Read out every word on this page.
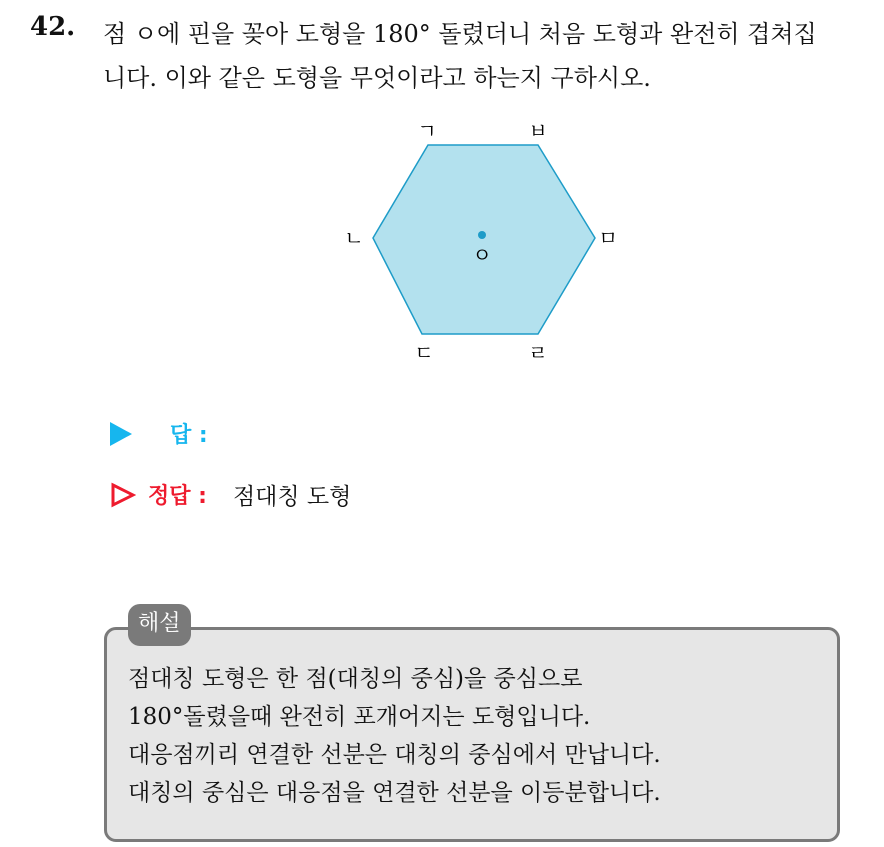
42. 점 ㅇ에 핀을 꽂아 도형을 180° 돌렸더니 처음 도형과 완전히 겹쳐집
니다. 이와 같은 도형을 무엇이라고 하는지 구하시오.
ㄱ	ㅂ
ㄴ	ㅁ
ㄷ	ㄹ
ㅇ
답 :
정답 : 점대칭 도형
해설
점대칭 도형은 한 점(대칭의 중심)을 중심으로
180°돌렸을때 완전히 포개어지는 도형입니다.
대응점끼리 연결한 선분은 대칭의 중심에서 만납니다.
대칭의 중심은 대응점을 연결한 선분을 이등분합니다.
